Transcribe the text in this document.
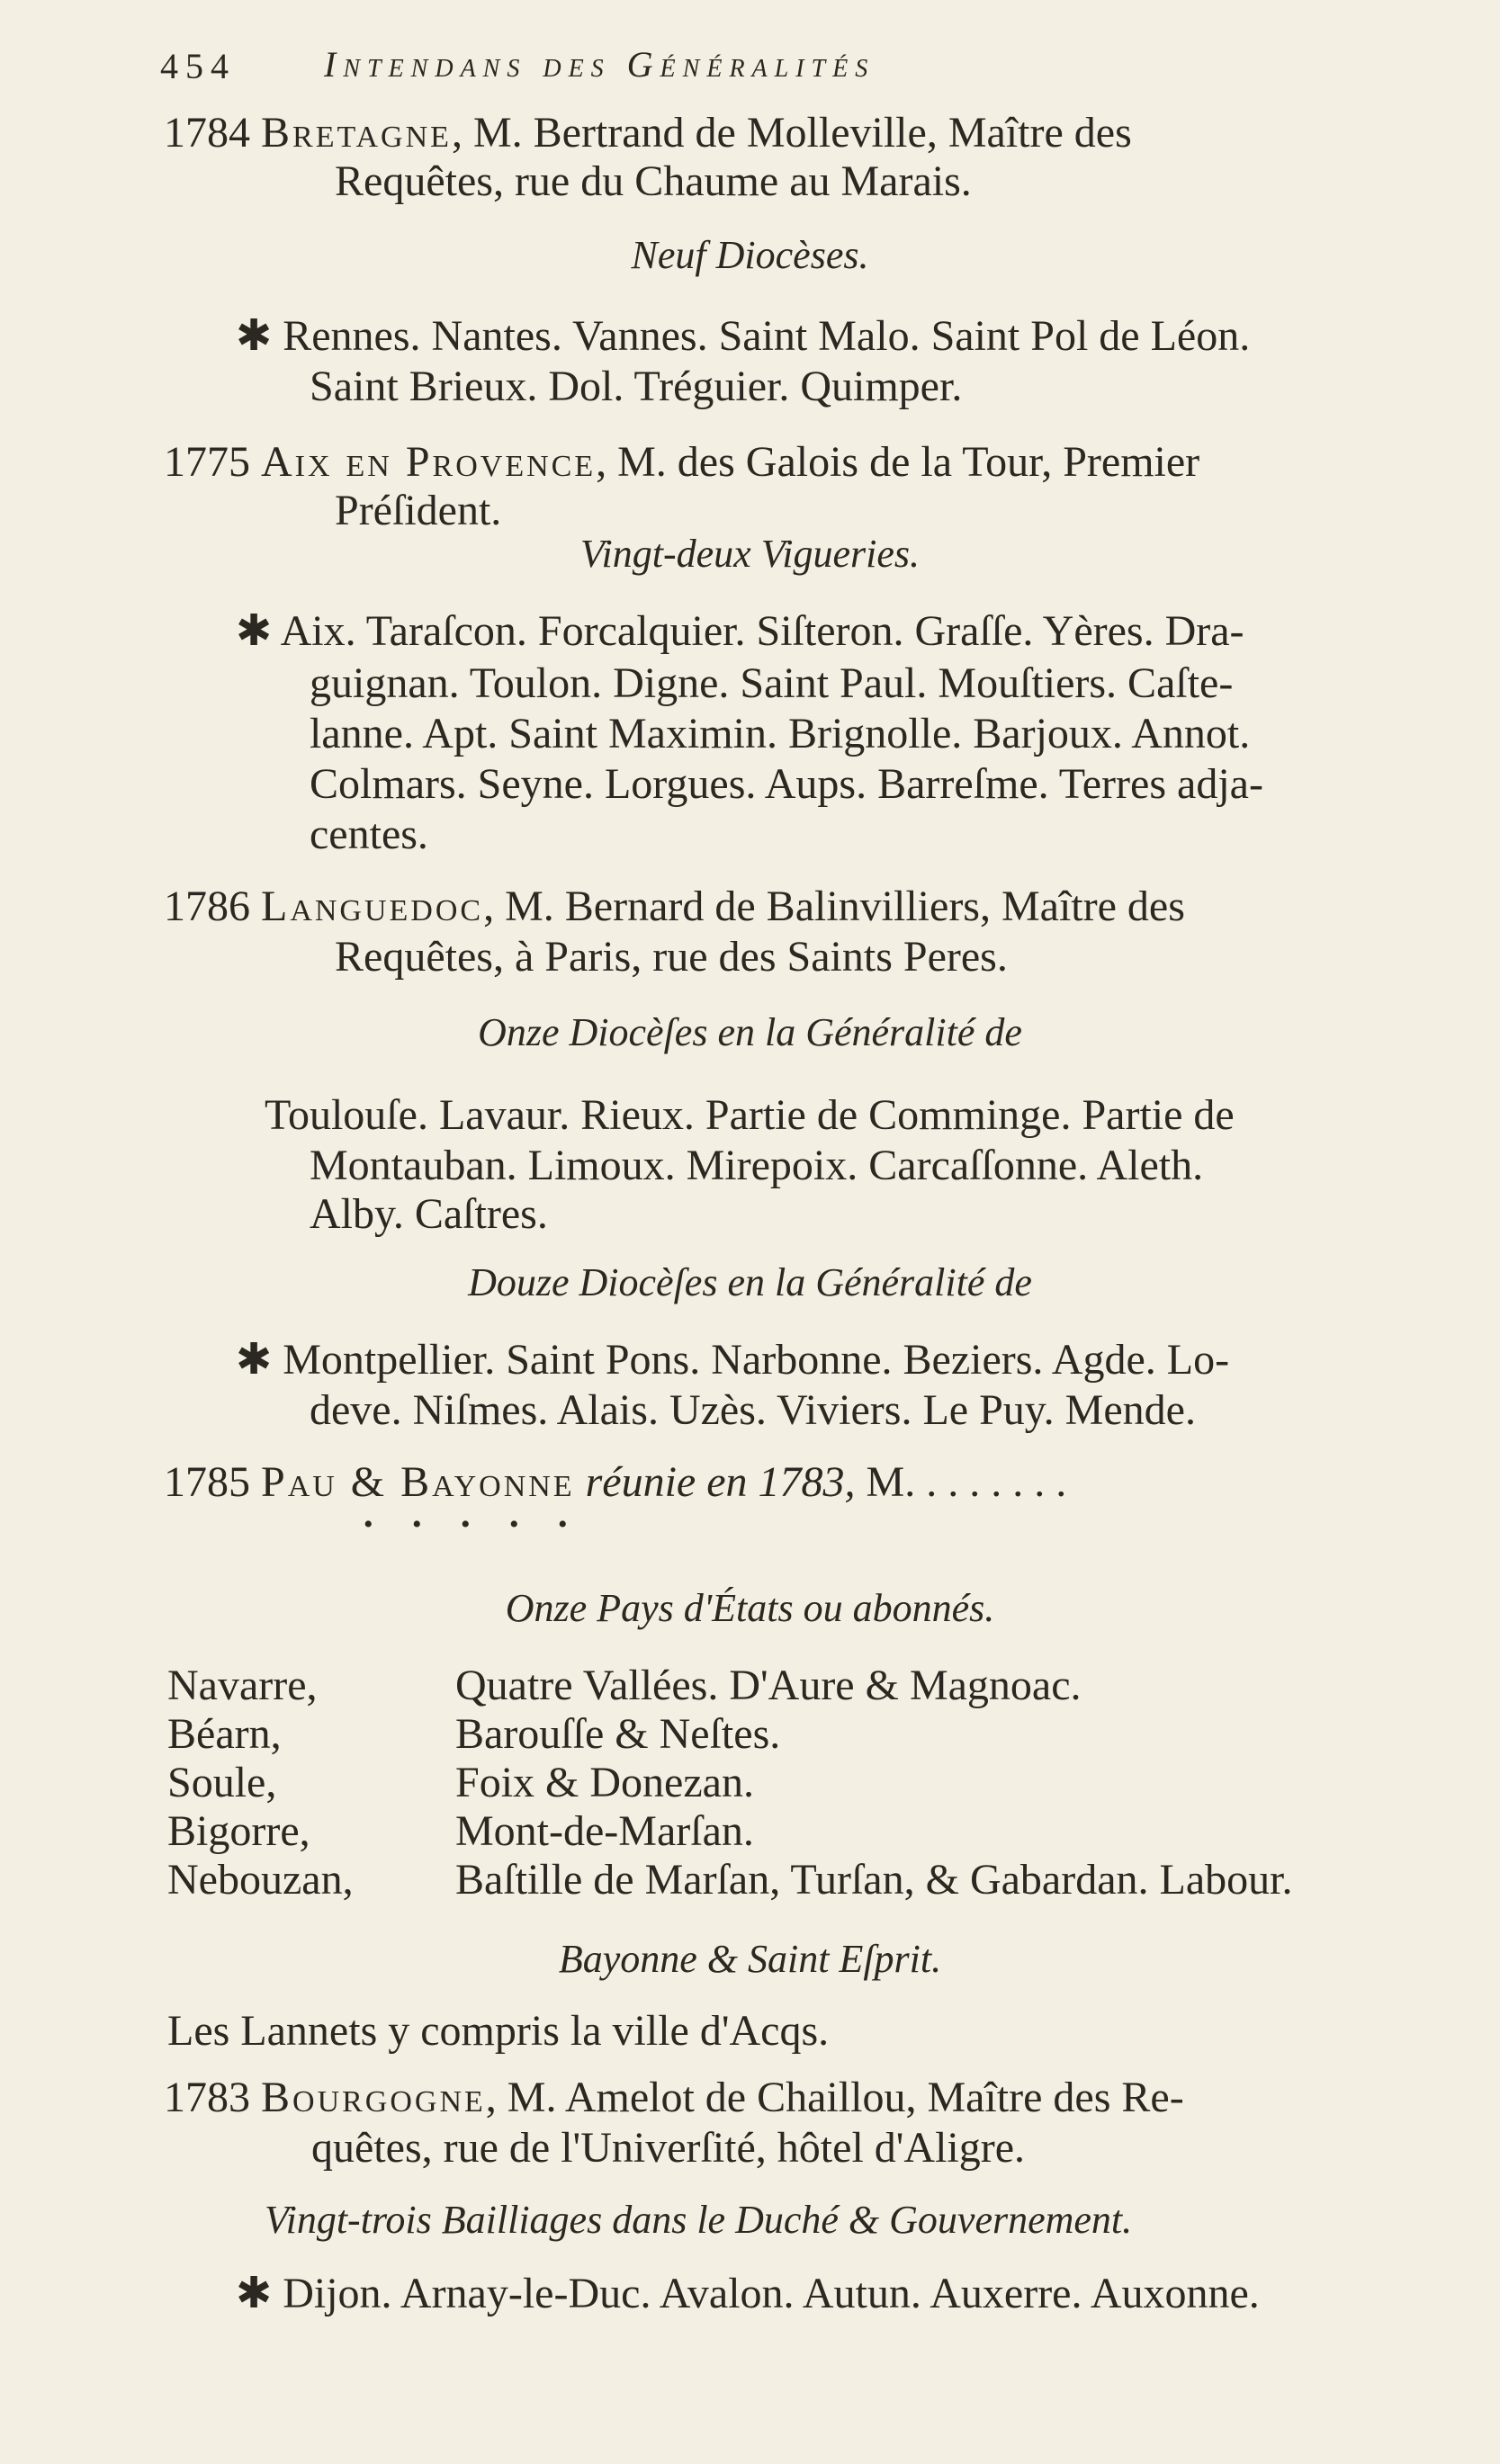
454 Intendans des Généralités
1784 Bretagne, M. Bertrand de Molleville, Maître des
Requêtes, rue du Chaume au Marais.
Neuf Diocèses.
✱ Rennes. Nantes. Vannes. Saint Malo. Saint Pol de Léon.
Saint Brieux. Dol. Tréguier. Quimper.
1775 Aix en Provence, M. des Galois de la Tour, Premier
Préſident.
Vingt-deux Vigueries.
✱ Aix. Taraſcon. Forcalquier. Siſteron. Graſſe. Yères. Dra-
guignan. Toulon. Digne. Saint Paul. Mouſtiers. Caſte-
lanne. Apt. Saint Maximin. Brignolle. Barjoux. Annot.
Colmars. Seyne. Lorgues. Aups. Barreſme. Terres adja-
centes.
1786 Languedoc, M. Bernard de Balinvilliers, Maître des
Requêtes, à Paris, rue des Saints Peres.
Onze Diocèſes en la Généralité de
Toulouſe. Lavaur. Rieux. Partie de Comminge. Partie de
Montauban. Limoux. Mirepoix. Carcaſſonne. Aleth.
Alby. Caſtres.
Douze Diocèſes en la Généralité de
✱ Montpellier. Saint Pons. Narbonne. Beziers. Agde. Lo-
deve. Niſmes. Alais. Uzès. Viviers. Le Puy. Mende.
1785 Pau & Bayonne réunie en 1783, M. . . . . . . .
• • • • •
Onze Pays d'États ou abonnés.
Navarre,	Quatre Vallées. D'Aure & Magnoac.
Béarn,	Barouſſe & Neſtes.
Soule,	Foix & Donezan.
Bigorre,	Mont-de-Marſan.
Nebouzan, Baſtille de Marſan, Turſan, & Gabardan. Labour.
Bayonne & Saint Eſprit.
Les Lannets y compris la ville d'Acqs.
1783 Bourgogne, M. Amelot de Chaillou, Maître des Re-
quêtes, rue de l'Univerſité, hôtel d'Aligre.
Vingt-trois Bailliages dans le Duché & Gouvernement.
✱ Dijon. Arnay-le-Duc. Avalon. Autun. Auxerre. Auxonne.
